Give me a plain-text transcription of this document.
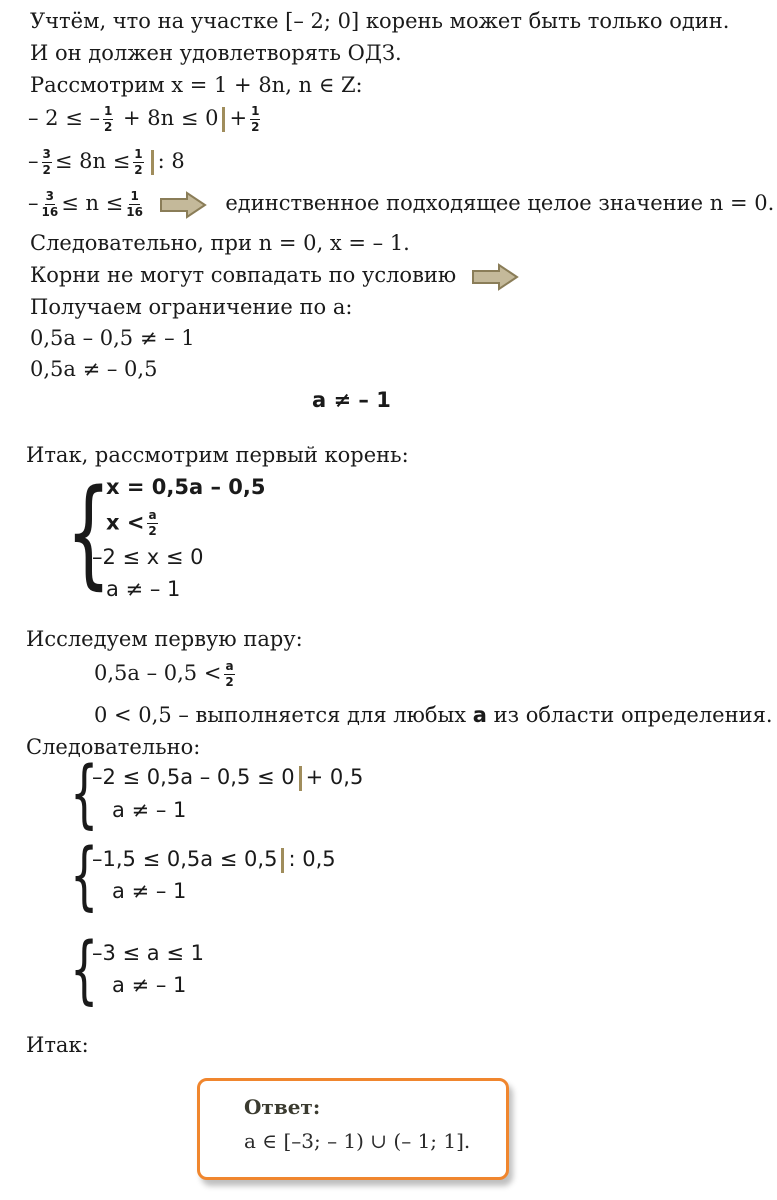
Учтём, что на участке [– 2; 0] корень может быть только один.
И он должен удовлетворять ОДЗ.
Рассмотрим x = 1 + 8n, n ∈ Z:
– 2 ≤ – $\frac{1}{2} + 8n \le 0 + \frac{1}{2}$
– $\frac{3}{2} \le 8n \le \frac{1}{2}$ : 8
– $\frac{3}{16} \le n \le \frac{1}{16}$	единственное подходящее целое значение n = 0.
Следовательно, при n = 0, x = – 1.
Корни не могут совпадать по условию
Получаем ограничение по a:
0,5a – 0,5 ≠ – 1
0,5a ≠ – 0,5
a ≠ – 1
Итак, рассмотрим первый корень:
{
x = 0,5a – 0,5
$x < \frac{a}{2}$
–2 ≤ x ≤ 0
a ≠ – 1
Исследуем первую пару:
$0,5a - 0,5 < \frac{a}{2}$
0 < 0,5 – выполняется для любых a из области определения.
Следовательно:
{
–2 ≤ 0,5a – 0,5 ≤ 0 + 0,5
a ≠ – 1
{
–1,5 ≤ 0,5a ≤ 0,5 : 0,5
a ≠ – 1
{
–3 ≤ a ≤ 1
a ≠ – 1
Итак:
Ответ:
a ∈ [–3; – 1) ∪ (– 1; 1].
